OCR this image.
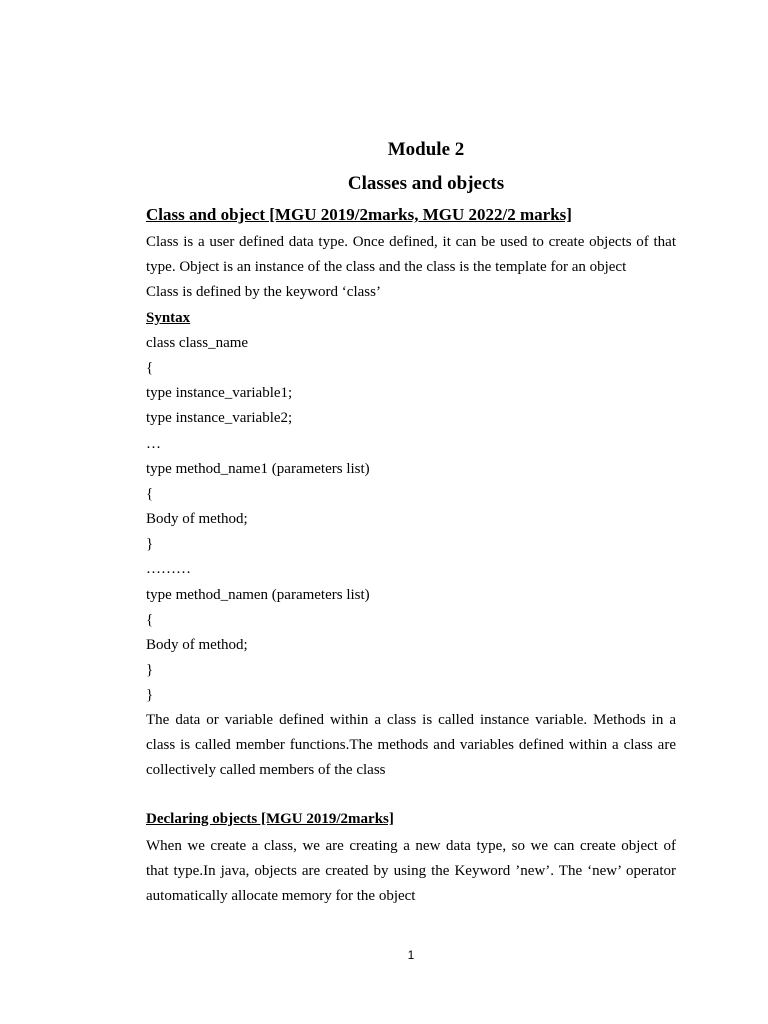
Module 2
Classes and objects
Class and object [MGU 2019/2marks, MGU 2022/2 marks]
Class is a user defined data type. Once defined, it can be used to create objects of that
type. Object is an instance of the class and the class is the template for an object
Class is defined by the keyword ‘class’
Syntax
class class_name
{
type instance_variable1;
type instance_variable2;
…
type method_name1 (parameters list)
{
Body of method;
}
………
type method_namen (parameters list)
{
Body of method;
}
}
The data or variable defined within a class is called instance variable. Methods in a
class is called member functions.The methods and variables defined within a class are
collectively called members of the class
Declaring objects [MGU 2019/2marks]
When we create a class, we are creating a new data type, so we can create object of
that type.In java, objects are created by using the Keyword ’new’. The ‘new’ operator
automatically allocate memory for the object
1
